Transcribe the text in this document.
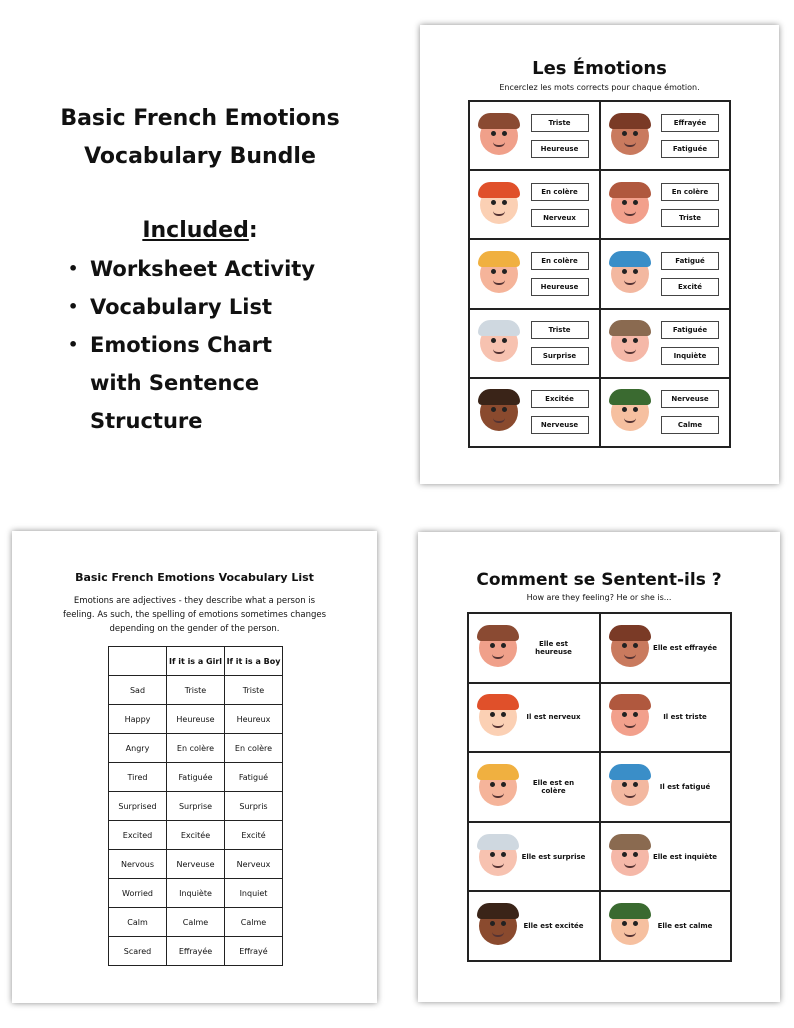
Basic French Emotions
Vocabulary Bundle
Included:
• Worksheet Activity
• Vocabulary List
• Emotions Chart with Sentence Structure
Les Émotions
Encerclez les mots corrects pour chaque émotion.
Triste
Heureuse
Effrayée
Fatiguée
En colère
Nerveux
En colère
Triste
En colère
Heureuse
Fatigué
Excité
Triste
Surprise
Fatiguée
Inquiète
Excitée
Nerveuse
Nerveuse
Calme
Basic French Emotions Vocabulary List
Emotions are adjectives - they describe what a person is feeling. As such, the spelling of emotions sometimes changes depending on the gender of the person.
	If it is a Girl	If it is a Boy
Sad	Triste	Triste
Happy	Heureuse	Heureux
Angry	En colère	En colère
Tired	Fatiguée	Fatigué
Surprised	Surprise	Surpris
Excited	Excitée	Excité
Nervous	Nerveuse	Nerveux
Worried	Inquiète	Inquiet
Calm	Calme	Calme
Scared	Effrayée	Effrayé
Comment se Sentent-ils ?
How are they feeling? He or she is...
Elle est heureuse	Elle est effrayée
Il est nerveux	Il est triste
Elle est en colère	Il est fatigué
Elle est surprise	Elle est inquiète
Elle est excitée	Elle est calme
